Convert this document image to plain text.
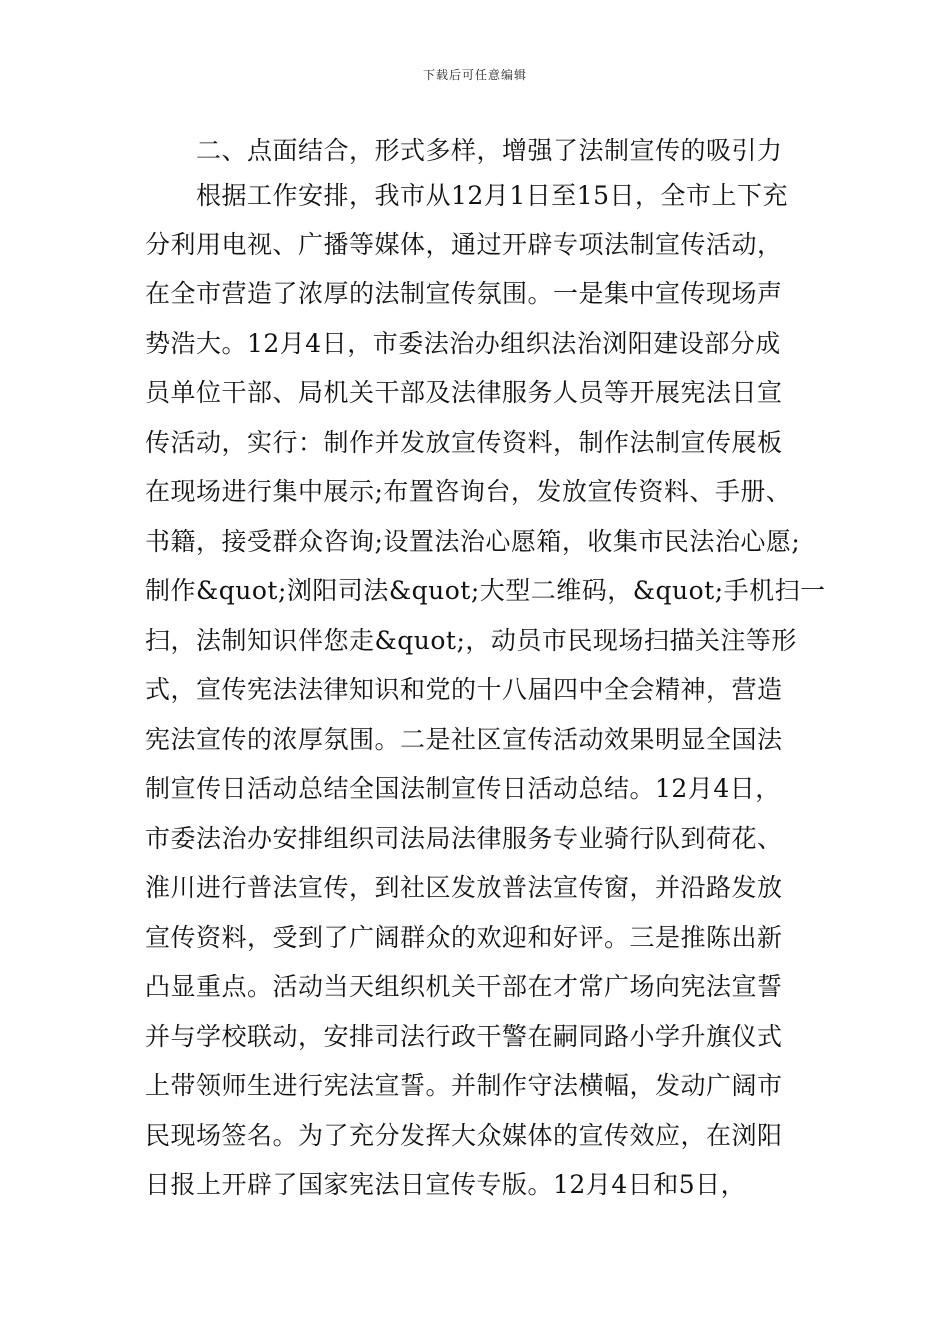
下载后可任意编辑
二、点面结合，形式多样，增强了法制宣传的吸引力
根据工作安排，我市从12月1日至15日，全市上下充
分利用电视、广播等媒体，通过开辟专项法制宣传活动，
在全市营造了浓厚的法制宣传氛围。一是集中宣传现场声
势浩大。12月4日，市委法治办组织法治浏阳建设部分成
员单位干部、局机关干部及法律服务人员等开展宪法日宣
传活动，实行：制作并发放宣传资料，制作法制宣传展板
在现场进行集中展示;布置咨询台，发放宣传资料、手册、
书籍，接受群众咨询;设置法治心愿箱，收集市民法治心愿;
制作&quot;浏阳司法&quot;大型二维码，&quot;手机扫一
扫，法制知识伴您走&quot;，动员市民现场扫描关注等形
式，宣传宪法法律知识和党的十八届四中全会精神，营造
宪法宣传的浓厚氛围。二是社区宣传活动效果明显全国法
制宣传日活动总结全国法制宣传日活动总结。12月4日，
市委法治办安排组织司法局法律服务专业骑行队到荷花、
淮川进行普法宣传，到社区发放普法宣传窗，并沿路发放
宣传资料，受到了广阔群众的欢迎和好评。三是推陈出新
凸显重点。活动当天组织机关干部在才常广场向宪法宣誓
并与学校联动，安排司法行政干警在嗣同路小学升旗仪式
上带领师生进行宪法宣誓。并制作守法横幅，发动广阔市
民现场签名。为了充分发挥大众媒体的宣传效应，在浏阳
日报上开辟了国家宪法日宣传专版。12月4日和5日，
